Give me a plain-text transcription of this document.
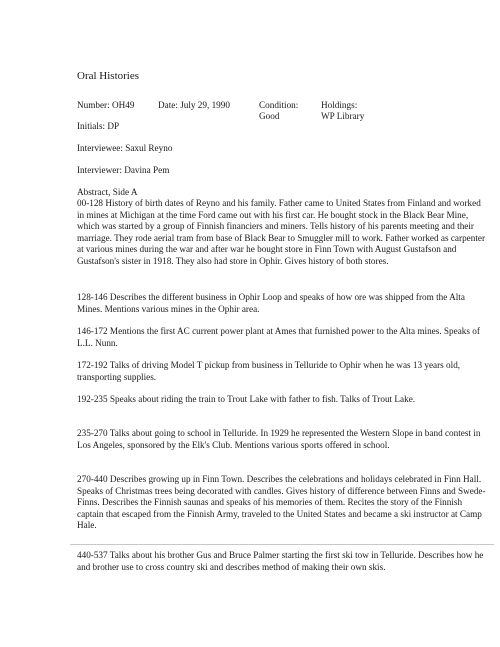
Oral Histories
Number: OH49	Date: July 29, 1990	Condition:
Good
Holdings:
WP Library
Initials: DP
Interviewee: Saxul Reyno
Interviewer: Davina Pem
Abstract, Side A
00-128 History of birth dates of Reyno and his family. Father came to United States from Finland and worked in mines at Michigan at the time Ford came out with his first car. He bought stock in the Black Bear Mine, which was started by a group of Finnish financiers and miners. Tells history of his parents meeting and their marriage. They rode aerial tram from base of Black Bear to Smuggler mill to work. Father worked as carpenter at various mines during the war and after war he bought store in Finn Town with August Gustafson and Gustafson's sister in 1918. They also had store in Ophir. Gives history of both stores.
128-146 Describes the different business in Ophir Loop and speaks of how ore was shipped from the Alta Mines. Mentions various mines in the Ophir area.
146-172 Mentions the first AC current power plant at Ames that furnished power to the Alta mines. Speaks of L.L. Nunn.
172-192 Talks of driving Model T pickup from business in Telluride to Ophir when he was 13 years old, transporting supplies.
192-235 Speaks about riding the train to Trout Lake with father to fish. Talks of Trout Lake.
235-270 Talks about going to school in Telluride. In 1929 he represented the Western Slope in band contest in Los Angeles, sponsored by the Elk's Club. Mentions various sports offered in school.
270-440 Describes growing up in Finn Town. Describes the celebrations and holidays celebrated in Finn Hall. Speaks of Christmas trees being decorated with candles. Gives history of difference between Finns and Swede-Finns. Describes the Finnish saunas and speaks of his memories of them. Recites the story of the Finnish captain that escaped from the Finnish Army, traveled to the United States and became a ski instructor at Camp Hale.
440-537 Talks about his brother Gus and Bruce Palmer starting the first ski tow in Telluride. Describes how he and brother use to cross country ski and describes method of making their own skis.
